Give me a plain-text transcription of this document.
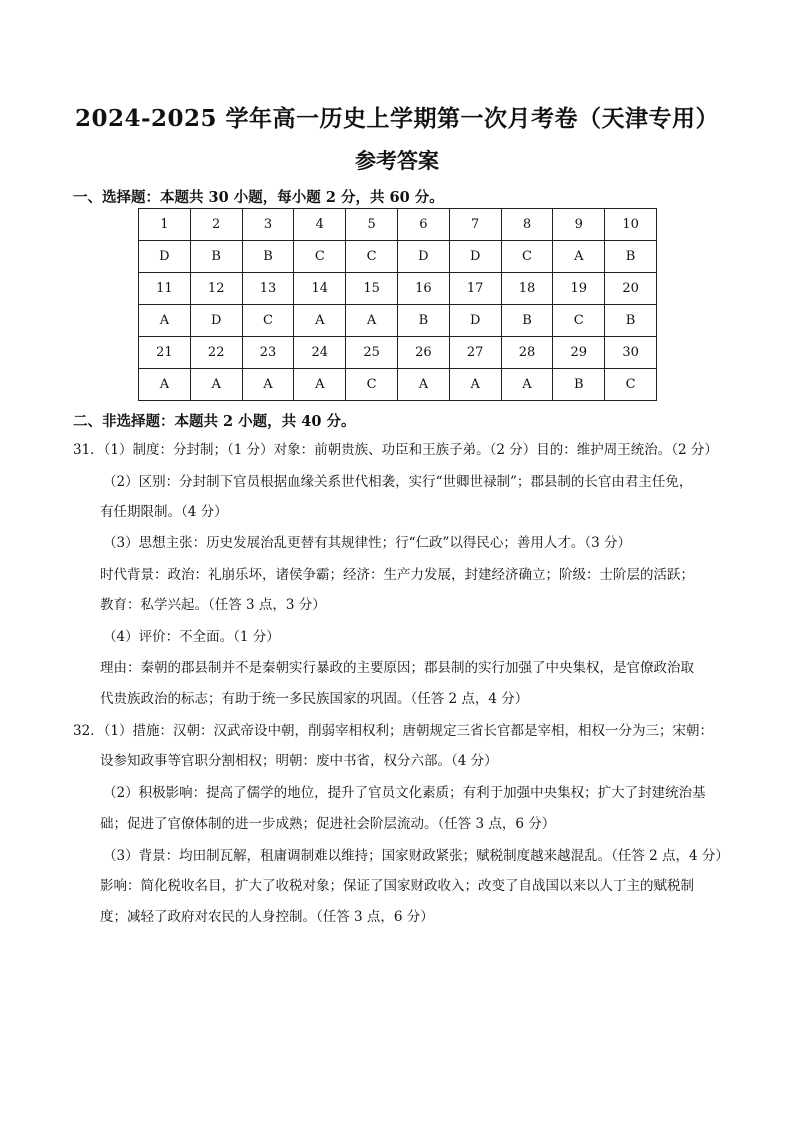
2024-2025 学年高一历史上学期第一次月考卷（天津专用）
参考答案
一、选择题：本题共 30 小题，每小题 2 分，共 60 分。
1	2	3	4	5	6	7	8	9	10
D	B	B	C	C	D	D	C	A	B
11	12	13	14	15	16	17	18	19	20
A	D	C	A	A	B	D	B	C	B
21	22	23	24	25	26	27	28	29	30
A	A	A	A	C	A	A	A	B	C
二、非选择题：本题共 2 小题，共 40 分。
31．（1）制度：分封制；（1 分）对象：前朝贵族、功臣和王族子弟。（2 分）目的：维护周王统治。（2 分）
（2）区别：分封制下官员根据血缘关系世代相袭，实行“世卿世禄制”；郡县制的长官由君主任免，
有任期限制。（4 分）
（3）思想主张：历史发展治乱更替有其规律性；行“仁政”以得民心；善用人才。（3 分）
时代背景：政治：礼崩乐坏，诸侯争霸；经济：生产力发展，封建经济确立；阶级：士阶层的活跃；
教育：私学兴起。（任答 3 点，3 分）
（4）评价：不全面。（1 分）
理由：秦朝的郡县制并不是秦朝实行暴政的主要原因；郡县制的实行加强了中央集权，是官僚政治取
代贵族政治的标志；有助于统一多民族国家的巩固。（任答 2 点，4 分）
32．（1）措施：汉朝：汉武帝设中朝，削弱宰相权利；唐朝规定三省长官都是宰相，相权一分为三；宋朝：
设参知政事等官职分割相权；明朝：废中书省，权分六部。（4 分）
（2）积极影响：提高了儒学的地位，提升了官员文化素质；有利于加强中央集权；扩大了封建统治基
础；促进了官僚体制的进一步成熟；促进社会阶层流动。（任答 3 点，6 分）
（3）背景：均田制瓦解，租庸调制难以维持；国家财政紧张；赋税制度越来越混乱。（任答 2 点，4 分）
影响：简化税收名目，扩大了收税对象；保证了国家财政收入；改变了自战国以来以人丁主的赋税制
度；减轻了政府对农民的人身控制。（任答 3 点，6 分）
